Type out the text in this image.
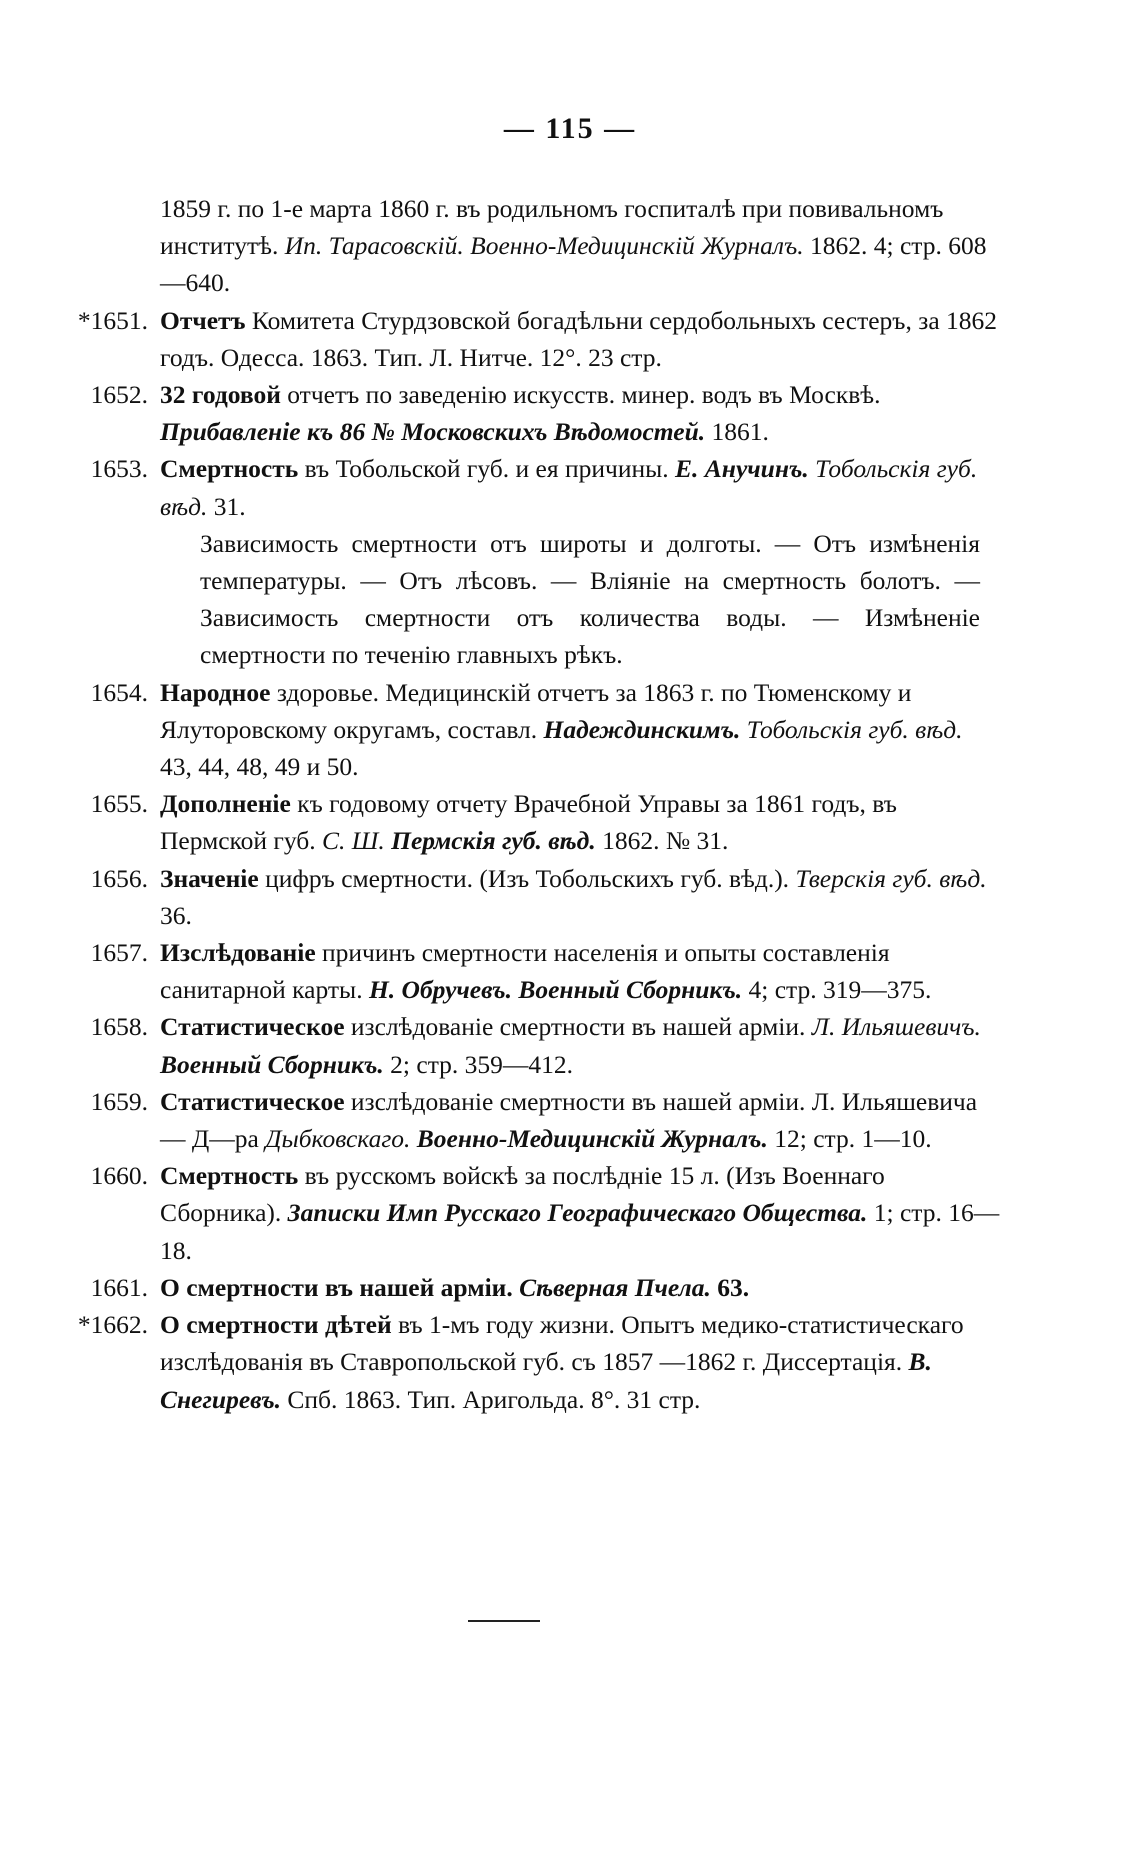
— 115 —
1859 г. по 1-е марта 1860 г. въ родильномъ госпиталѣ при повивальномъ институтѣ. Ип. Тарасовскій. Военно-Медицинскій Журналъ. 1862. 4; стр. 608—640.
*1651. Отчетъ Комитета Стурдзовской богадѣльни сердобольныхъ сестеръ, за 1862 годъ. Одесса. 1863. Тип. Л. Нитче. 12°. 23 стр.
1652. 32 годовой отчетъ по заведенію искусств. минер. водъ въ Москвѣ. Прибавленіе къ 86 № Московскихъ Вѣдомостей. 1861.
1653. Смертность въ Тобольской губ. и ея причины. Е. Анучинъ. Тобольскія губ. вѣд. 31.
Зависимость смертности отъ широты и долготы. — Отъ измѣненія температуры. — Отъ лѣсовъ. — Вліяніе на смертность болотъ. — Зависимость смертности отъ количества воды. — Измѣненіе смертности по теченію главныхъ рѣкъ.
1654. Народное здоровье. Медицинскій отчетъ за 1863 г. по Тюменскому и Ялуторовскому округамъ, составл. Надеждинскимъ. Тобольскія губ. вѣд. 43, 44, 48, 49 и 50.
1655. Дополненіе къ годовому отчету Врачебной Управы за 1861 годъ, въ Пермской губ. С. Ш. Пермскія губ. вѣд. 1862. № 31.
1656. Значеніе цифръ смертности. (Изъ Тобольскихъ губ. вѣд.). Тверскія губ. вѣд. 36.
1657. Изслѣдованіе причинъ смертности населенія и опыты составленія санитарной карты. Н. Обручевъ. Военный Сборникъ. 4; стр. 319—375.
1658. Статистическое изслѣдованіе смертности въ нашей арміи. Л. Ильяшевичъ. Военный Сборникъ. 2; стр. 359—412.
1659. Статистическое изслѣдованіе смертности въ нашей арміи. Л. Ильяшевича — Д—ра Дыбковскаго. Военно-Медицинскій Журналъ. 12; стр. 1—10.
1660. Смертность въ русскомъ войскѣ за послѣдніе 15 л. (Изъ Военнаго Сборника). Записки Имп Русскаго Географическаго Общества. 1; стр. 16—18.
1661. О смертности въ нашей арміи. Сѣверная Пчела. 63.
*1662. О смертности дѣтей въ 1-мъ году жизни. Опытъ медико-статистическаго изслѣдованія въ Ставропольской губ. съ 1857 —1862 г. Диссертація. В. Снегиревъ. Спб. 1863. Тип. Аригольда. 8°. 31 стр.
